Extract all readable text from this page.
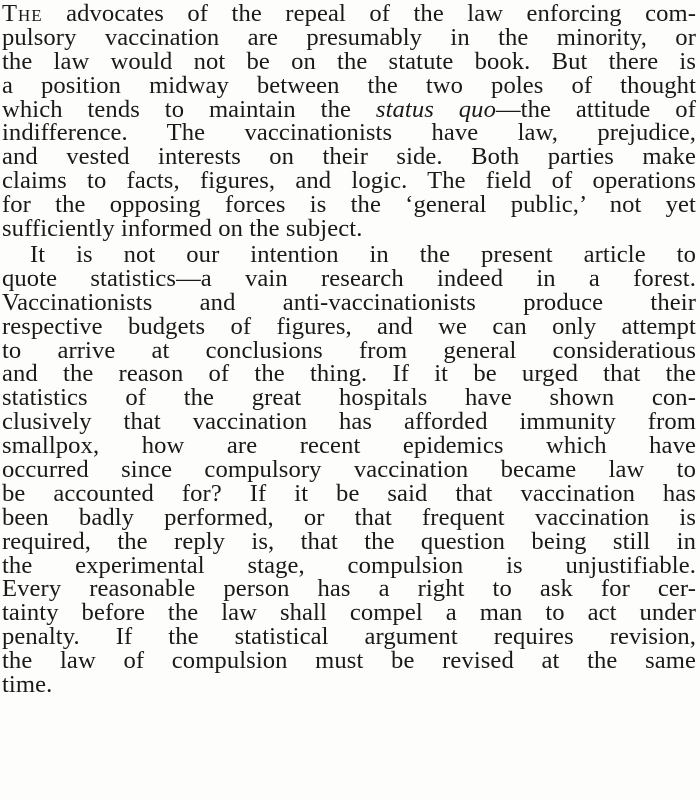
The advocates of the repeal of the law enforcing com-
pulsory vaccination are presumably in the minority, or
the law would not be on the statute book. But there is
a position midway between the two poles of thought
which tends to maintain the status quo—the attitude of
indifference. The vaccinationists have law, prejudice,
and vested interests on their side. Both parties make
claims to facts, figures, and logic. The field of operations
for the opposing forces is the ‘general public,’ not yet
sufficiently informed on the subject.
It is not our intention in the present article to
quote statistics—a vain research indeed in a forest.
Vaccinationists and anti-vaccinationists produce their
respective budgets of figures, and we can only attempt
to arrive at conclusions from general consideratious
and the reason of the thing. If it be urged that the
statistics of the great hospitals have shown con-
clusively that vaccination has afforded immunity from
smallpox, how are recent epidemics which have
occurred since compulsory vaccination became law to
be accounted for? If it be said that vaccination has
been badly performed, or that frequent vaccination is
required, the reply is, that the question being still in
the experimental stage, compulsion is unjustifiable.
Every reasonable person has a right to ask for cer-
tainty before the law shall compel a man to act under
penalty. If the statistical argument requires revision,
the law of compulsion must be revised at the same
time.
